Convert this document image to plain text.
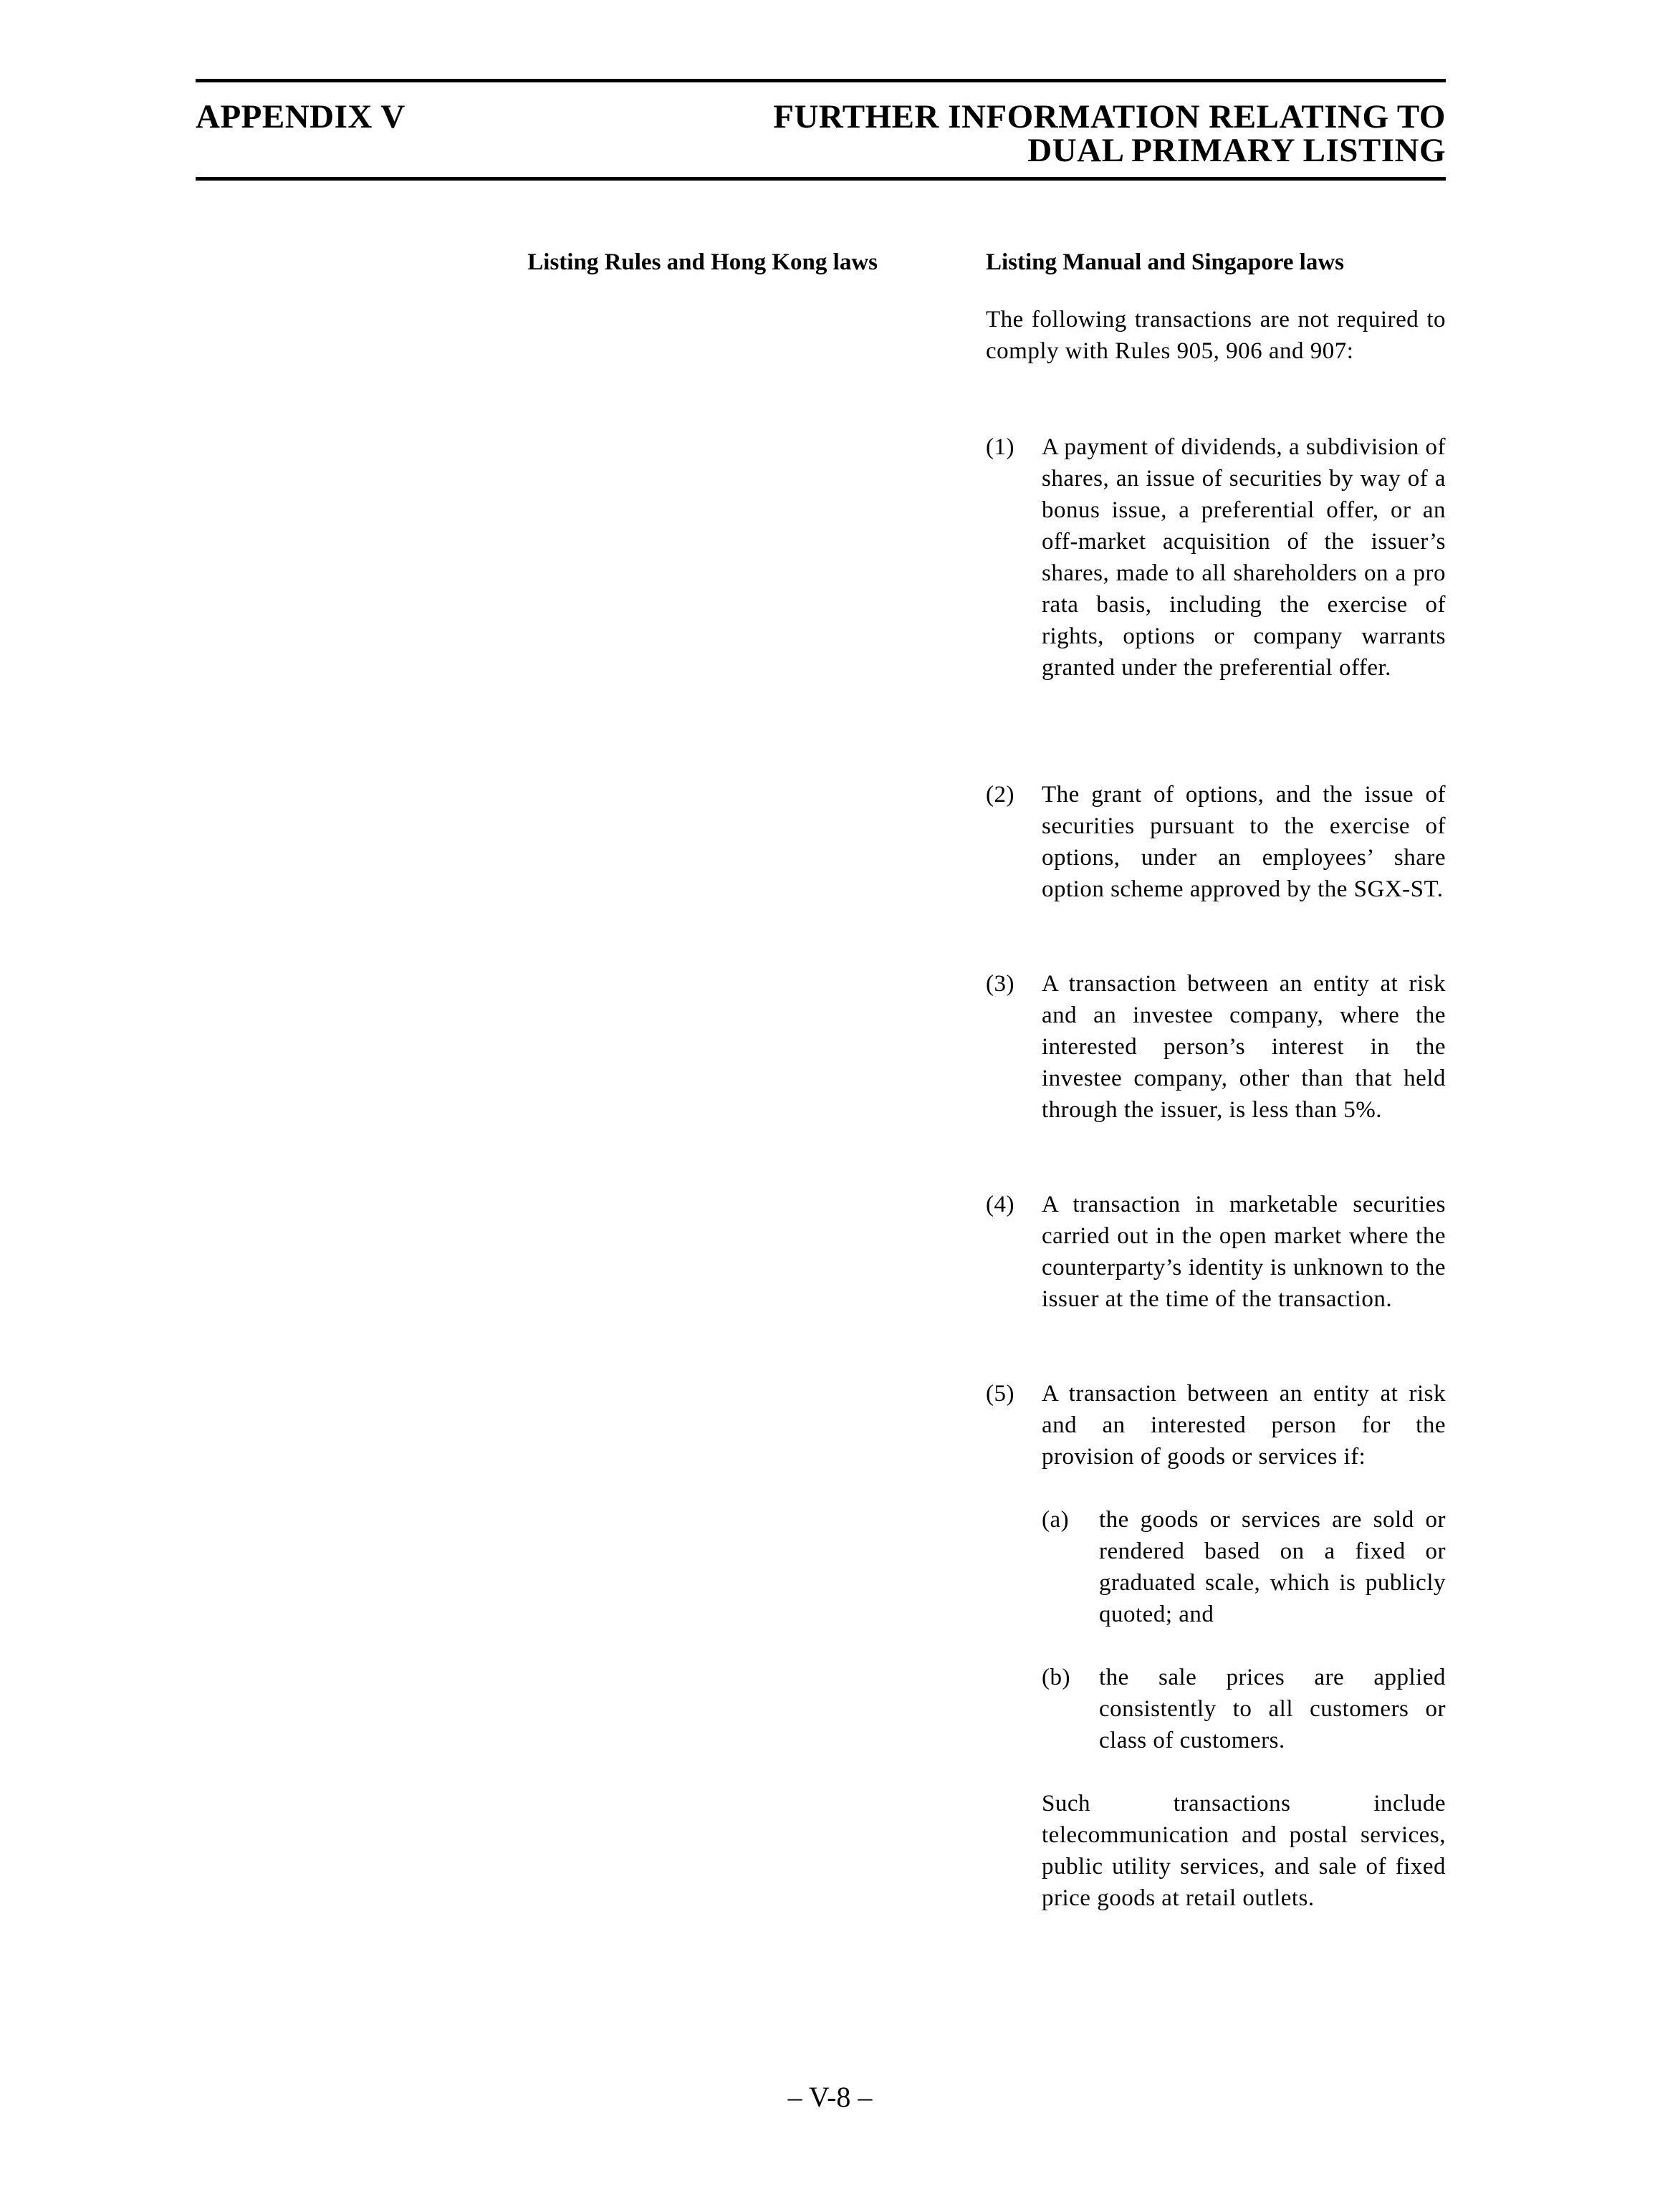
APPENDIX V	FURTHER INFORMATION RELATING TO
DUAL PRIMARY LISTING
Listing Rules and Hong Kong laws	Listing Manual and Singapore laws

The following transactions are not required to comply with Rules 905, 906 and 907:

(1) A payment of dividends, a subdivision of shares, an issue of securities by way of a bonus issue, a preferential offer, or an off-market acquisition of the issuer’s shares, made to all shareholders on a pro rata basis, including the exercise of rights, options or company warrants granted under the preferential offer.
(2) The grant of options, and the issue of securities pursuant to the exercise of options, under an employees’ share option scheme approved by the SGX-ST.
(3) A transaction between an entity at risk and an investee company, where the interested person’s interest in the investee company, other than that held through the issuer, is less than 5%.
(4) A transaction in marketable securities carried out in the open market where the counterparty’s identity is unknown to the issuer at the time of the transaction.
(5) A transaction between an entity at risk and an interested person for the provision of goods or services if:
(a) the goods or services are sold or rendered based on a fixed or graduated scale, which is publicly quoted; and
(b) the sale prices are applied consistently to all customers or class of customers.
Such transactions include telecommunication and postal services, public utility services, and sale of fixed price goods at retail outlets.
– V-8 –
